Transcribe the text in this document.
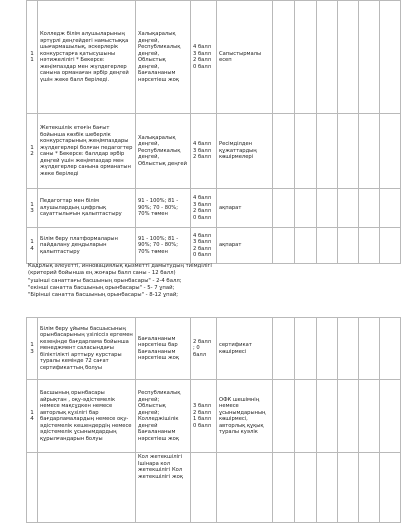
11	Колледж білім алушыларының әртүрлі деңгейдегі намыстыққа шығармашылық, әскерлерік конкурстарға қатысушыны нәтижелілігі * Бекерсе: жеңімпаздар мен жүлдегерлер санына орманаған әрбір деңгей үшін жеке балл беріледі.	Халықаралық деңгей, Республикалық деңгей, Облыстық деңгей, Бағалананым нәрсетіеш жоқ	4 балл 3 балл 2 балл 0 балл	Сапыстырмалы есеп						
12	Жетекшілік етеғін бағыт бойынша көзбік шеберлік конкурстарының жеңімпаздары жүлдегерлері болған педагогтер саны * Бекерсе: баллдар әрбір деңгей үшін жеңімпаздар мен жүлдегерлер санына орманатын жеке беріледі	Халықаралық деңгей, Республикалық деңгей, Облыстық деңгей	4 балл 3 балл 2 балл	Ресімділден құжаттардың көшірмелері						
13	Педагогтар мен білім алушылардың цифрлық сауаттылығын қалыптастыру	91 - 100%; 81 - 90%; 70 - 80%; 70% төмен	4 балл 3 балл 2 балл 0 балл	ақпарат						
14	Білім беру платформаларын пайдалану деңдыларын қалыптастыру	91 - 100%; 81 - 90%; 70 - 80%; 70% төмен	4 балл 3 балл 2 балл 0 балл	ақпарат						
Кадрлық әлеуетті, инновациялық қызметті дамытудың тиімділігі
(критерий бойынша ең жоғары балл саны - 12 балл)
"ушінші санаттағы басшының орынбасары" - 2-4 балл;
"екінші санатта басшының орынбасары" - 5- 7 ұпай;
"Бірінші санатта басшының орынбасары" - 8-12 ұпай;
13	Білім беру ұйымы басшысының орынбасарының үзіліссіз ергемен кезеңінде бағдарлама бойынша менеджмент саласындағы біліктілікті арттыру курстары туралы кемінде 72 сағат сертификаттың болуы	Бағалананым нәрсетіеш бар Бағалананым нәрсетіеш жоқ	2 балл ; 0 балл	сертификат көшірмесі						
14	Басшының орынбасары айрықтан , оқу-әдістемелік немесе мақсұдкен немесе авторлық кұзілігі бар бағдарламалардың немесе оқу-әдістемелік кешендердің немесе әдістемелік ұсынымдардың құрылғандарын болуы	Республикалық деңгей; Облыстық деңгей; Колледжішілік деңгей Бағалананым нәрсетіеш жоқ	3 балл 2 балл 1 балл 0 балл	ОФК шешімнің немесе ұсынымдарының көшірмесі, авторлық құқық туралы куәлік						
		Кол жетекшілігі Ішінара кол жетекшілігі Кол жетекшілігі жоқ								
